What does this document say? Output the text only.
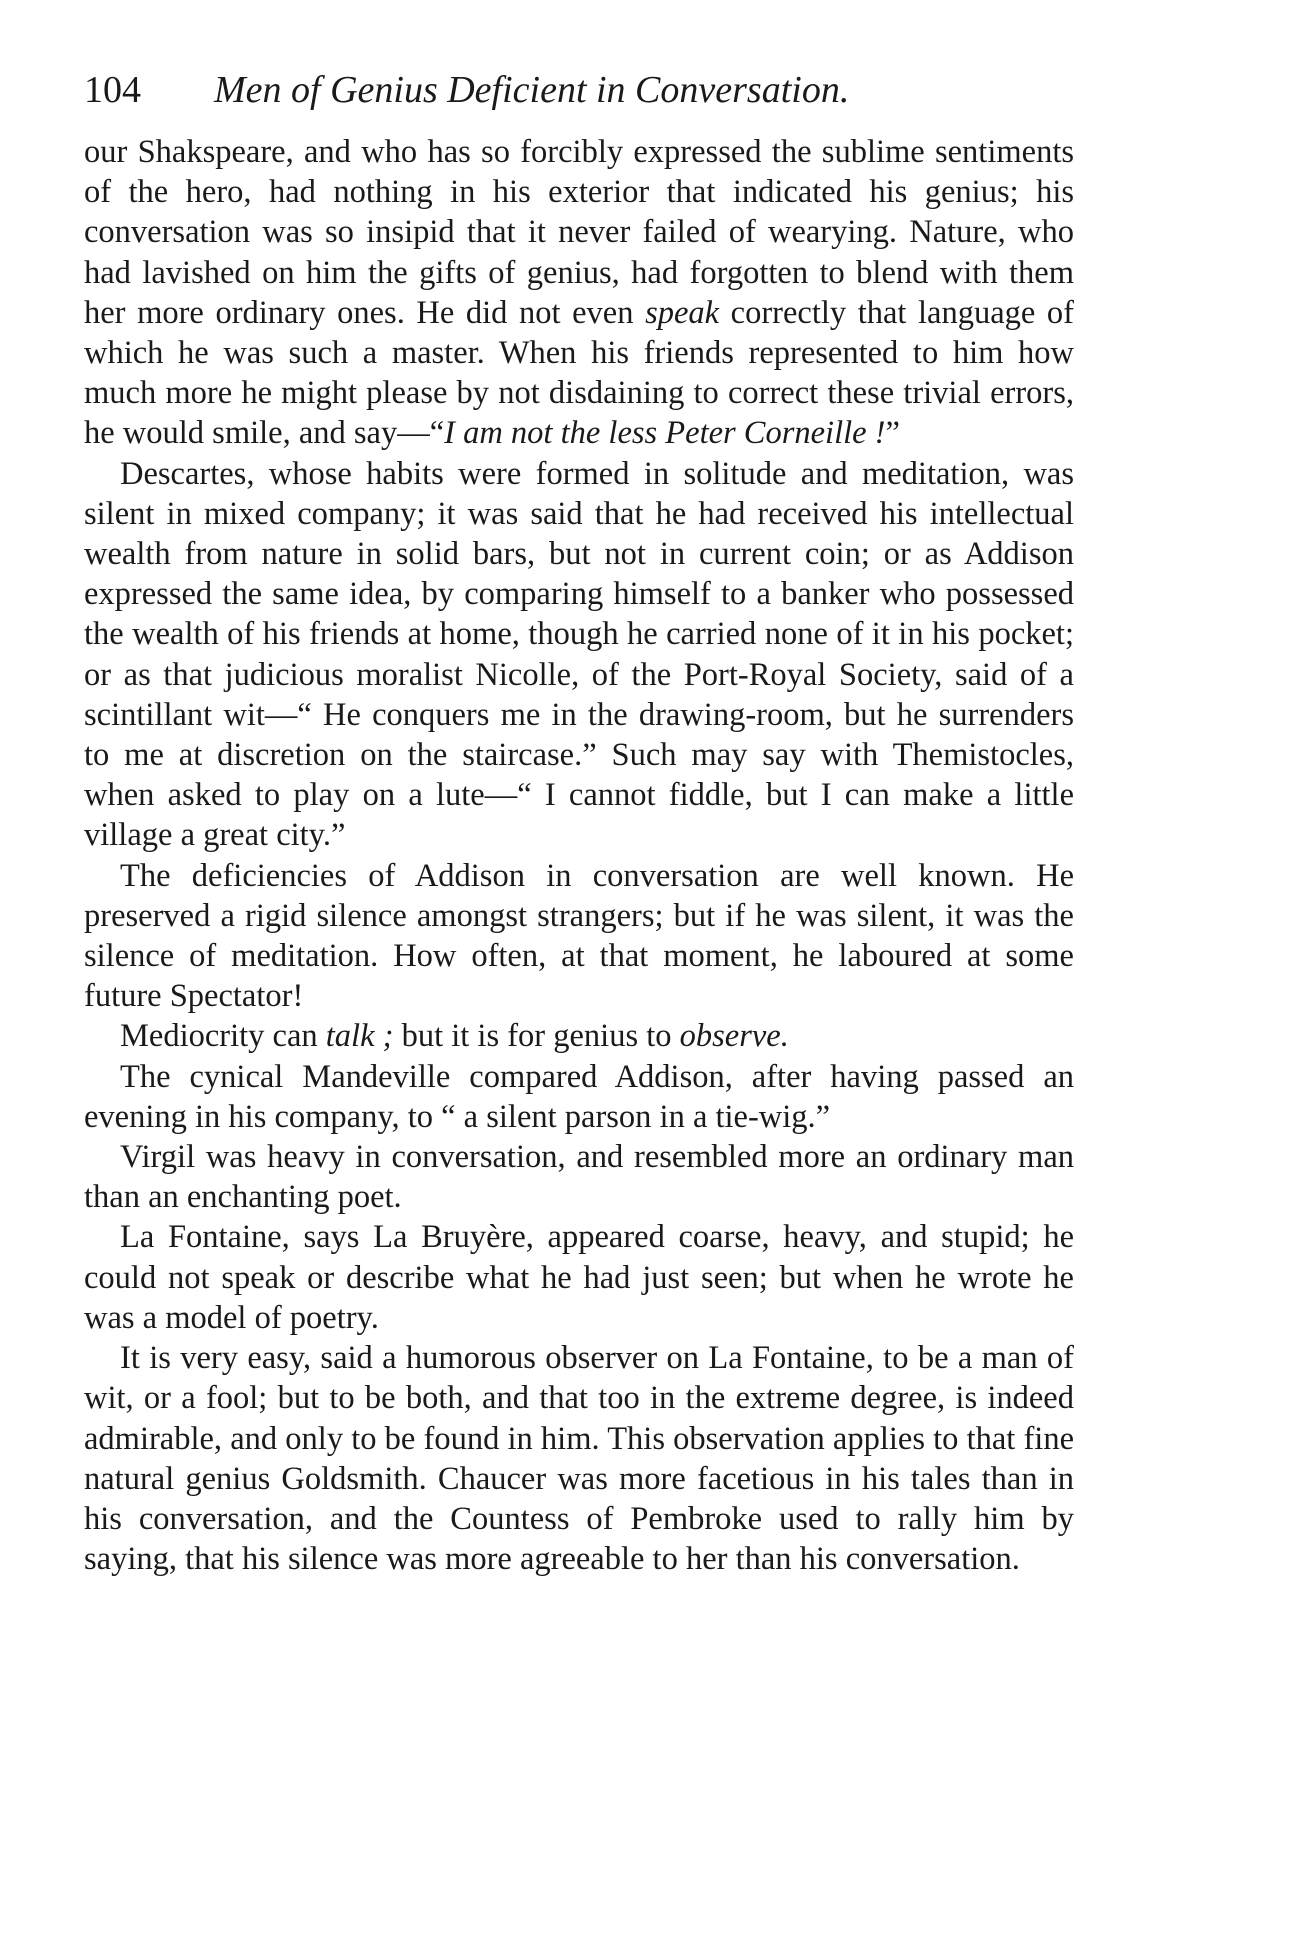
104 Men of Genius Deficient in Conversation.

our Shakspeare, and who has so forcibly expressed the sublime sentiments of the hero, had nothing in his exterior that indicated his genius; his conversation was so insipid that it never failed of wearying. Nature, who had lavished on him the gifts of genius, had forgotten to blend with them her more ordinary ones. He did not even speak correctly that language of which he was such a master. When his friends represented to him how much more he might please by not disdaining to correct these trivial errors, he would smile, and say—“I am not the less Peter Corneille !”

Descartes, whose habits were formed in solitude and meditation, was silent in mixed company; it was said that he had received his intellectual wealth from nature in solid bars, but not in current coin; or as Addison expressed the same idea, by comparing himself to a banker who possessed the wealth of his friends at home, though he carried none of it in his pocket; or as that judicious moralist Nicolle, of the Port-Royal Society, said of a scintillant wit—“ He conquers me in the drawing-room, but he surrenders to me at discretion on the staircase.” Such may say with Themistocles, when asked to play on a lute—“ I cannot fiddle, but I can make a little village a great city.”

The deficiencies of Addison in conversation are well known. He preserved a rigid silence amongst strangers; but if he was silent, it was the silence of meditation. How often, at that moment, he laboured at some future Spectator!

Mediocrity can talk ; but it is for genius to observe.

The cynical Mandeville compared Addison, after having passed an evening in his company, to “ a silent parson in a tie-wig.”

Virgil was heavy in conversation, and resembled more an ordinary man than an enchanting poet.

La Fontaine, says La Bruyère, appeared coarse, heavy, and stupid; he could not speak or describe what he had just seen; but when he wrote he was a model of poetry.

It is very easy, said a humorous observer on La Fontaine, to be a man of wit, or a fool; but to be both, and that too in the extreme degree, is indeed admirable, and only to be found in him. This observation applies to that fine natural genius Goldsmith. Chaucer was more facetious in his tales than in his conversation, and the Countess of Pembroke used to rally him by saying, that his silence was more agreeable to her than his conversation.
